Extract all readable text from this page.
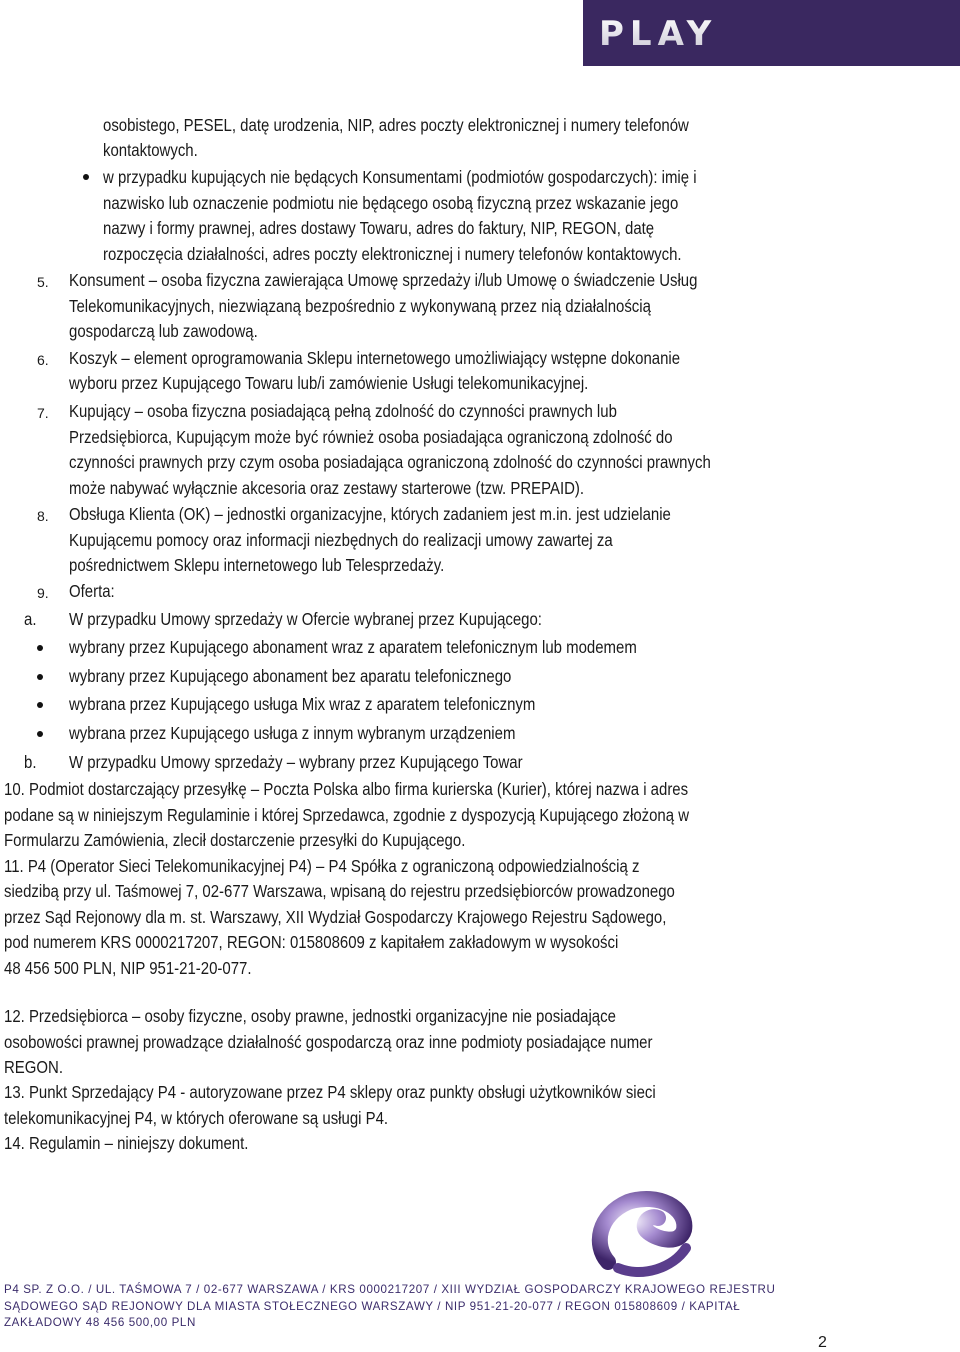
PLAY
osobistego, PESEL, datę urodzenia, NIP, adres poczty elektronicznej i numery telefonów
kontaktowych.
w przypadku kupujących nie będących Konsumentami (podmiotów gospodarczych): imię i
nazwisko lub oznaczenie podmiotu nie będącego osobą fizyczną przez wskazanie jego
nazwy i formy prawnej, adres dostawy Towaru, adres do faktury, NIP, REGON, datę
rozpoczęcia działalności, adres poczty elektronicznej i numery telefonów kontaktowych.
5. Konsument – osoba fizyczna zawierająca Umowę sprzedaży i/lub Umowę o świadczenie Usług
Telekomunikacyjnych, niezwiązaną bezpośrednio z wykonywaną przez nią działalnością
gospodarczą lub zawodową.
6. Koszyk – element oprogramowania Sklepu internetowego umożliwiający wstępne dokonanie
wyboru przez Kupującego Towaru lub/i zamówienie Usługi telekomunikacyjnej.
7. Kupujący – osoba fizyczna posiadającą pełną zdolność do czynności prawnych lub
Przedsiębiorca, Kupującym może być również osoba posiadająca ograniczoną zdolność do
czynności prawnych przy czym osoba posiadająca ograniczoną zdolność do czynności prawnych
może nabywać wyłącznie akcesoria oraz zestawy starterowe (tzw. PREPAID).
8. Obsługa Klienta (OK) – jednostki organizacyjne, których zadaniem jest m.in. jest udzielanie
Kupującemu pomocy oraz informacji niezbędnych do realizacji umowy zawartej za
pośrednictwem Sklepu internetowego lub Telesprzedaży.
9. Oferta:
a. W przypadku Umowy sprzedaży w Ofercie wybranej przez Kupującego:
wybrany przez Kupującego abonament wraz z aparatem telefonicznym lub modemem
wybrany przez Kupującego abonament bez aparatu telefonicznego
wybrana przez Kupującego usługa Mix wraz z aparatem telefonicznym
wybrana przez Kupującego usługa z innym wybranym urządzeniem
b. W przypadku Umowy sprzedaży – wybrany przez Kupującego Towar
10. Podmiot dostarczający przesyłkę – Poczta Polska albo firma kurierska (Kurier), której nazwa i adres
podane są w niniejszym Regulaminie i której Sprzedawca, zgodnie z dyspozycją Kupującego złożoną w
Formularzu Zamówienia, zlecił dostarczenie przesyłki do Kupującego.
11. P4 (Operator Sieci Telekomunikacyjnej P4) – P4 Spółka z ograniczoną odpowiedzialnością z
siedzibą przy ul. Taśmowej 7, 02-677 Warszawa, wpisaną do rejestru przedsiębiorców prowadzonego
przez Sąd Rejonowy dla m. st. Warszawy, XII Wydział Gospodarczy Krajowego Rejestru Sądowego,
pod numerem KRS 0000217207, REGON: 015808609 z kapitałem zakładowym w wysokości
48 456 500 PLN, NIP 951-21-20-077.
12. Przedsiębiorca – osoby fizyczne, osoby prawne, jednostki organizacyjne nie posiadające
osobowości prawnej prowadzące działalność gospodarczą oraz inne podmioty posiadające numer
REGON.
13. Punkt Sprzedający P4 - autoryzowane przez P4 sklepy oraz punkty obsługi użytkowników sieci
telekomunikacyjnej P4, w których oferowane są usługi P4.
14. Regulamin – niniejszy dokument.
P4 SP. Z O.O. / UL. TAŚMOWA 7 / 02-677 WARSZAWA / KRS 0000217207 / XIII WYDZIAŁ GOSPODARCZY KRAJOWEGO REJESTRU
SĄDOWEGO SĄD REJONOWY DLA MIASTA STOŁECZNEGO WARSZAWY / NIP 951-21-20-077 / REGON 015808609 / KAPITAŁ
ZAKŁADOWY 48 456 500,00 PLN
2
